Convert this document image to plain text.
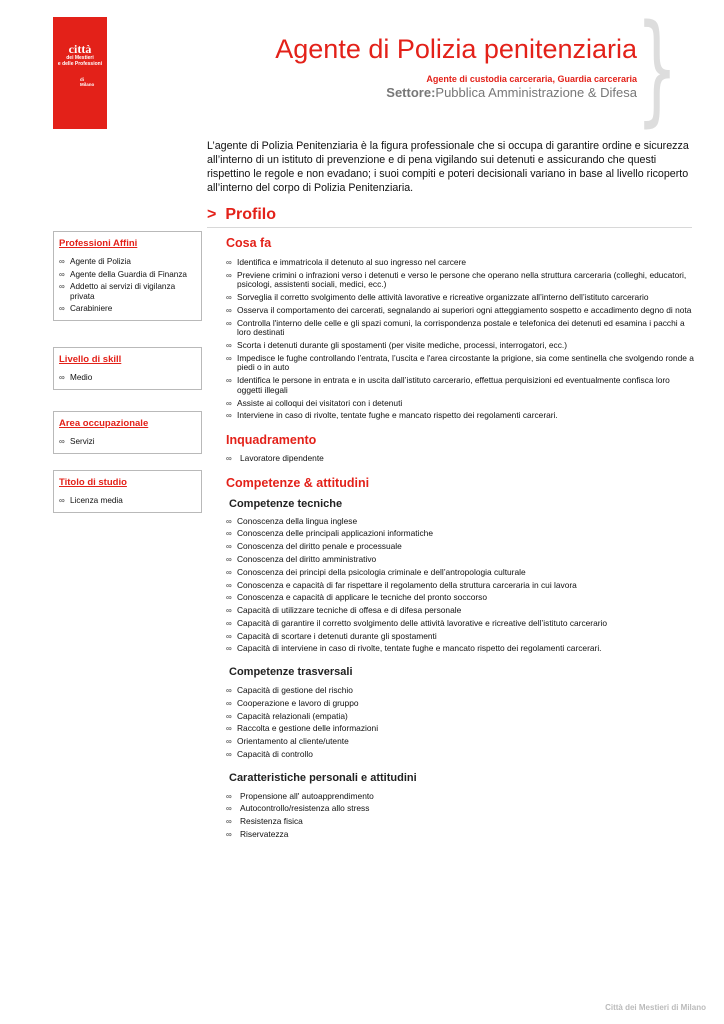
città
dei Mestieri
e delle Professioni
di
Milano	}
Agente di Polizia penitenziaria
Agente di custodia carceraria, Guardia carceraria
Settore:Pubblica Amministrazione & Difesa
L’agente di Polizia Penitenziaria è la figura professionale che si occupa di garantire ordine e sicurezza all’interno di un istituto di prevenzione e di pena vigilando sui detenuti e assicurando che questi rispettino le regole e non evadano; i suoi compiti e poteri decisionali variano in base al livello ricoperto all’interno del corpo di Polizia Penitenziaria.
> Profilo
Professioni Affini
∞ Agente di Polizia
∞ Agente della Guardia di Finanza
∞ Addetto ai servizi di vigilanza privata
∞ Carabiniere
Livello di skill
∞ Medio
Area occupazionale
∞ Servizi
Titolo di studio
∞ Licenza media
Cosa fa
∞ Identifica e immatricola il detenuto al suo ingresso nel carcere
∞ Previene crimini o infrazioni verso i detenuti e verso le persone che operano nella struttura carceraria (colleghi, educatori, psicologi, assistenti sociali, medici, ecc.)
∞ Sorveglia il corretto svolgimento delle attività lavorative e ricreative organizzate all’interno dell’istituto carcerario
∞ Osserva il comportamento dei carcerati, segnalando ai superiori ogni atteggiamento sospetto e accadimento degno di nota
∞ Controlla l'interno delle celle e gli spazi comuni, la corrispondenza postale e telefonica dei detenuti ed esamina i pacchi a loro destinati
∞ Scorta i detenuti durante gli spostamenti (per visite mediche, processi, interrogatori, ecc.)
∞ Impedisce le fughe controllando l’entrata, l’uscita e l'area circostante la prigione, sia come sentinella che svolgendo ronde a piedi o in auto
∞ Identifica le persone in entrata e in uscita dall’istituto carcerario, effettua perquisizioni ed eventualmente confisca loro oggetti illegali
∞ Assiste ai colloqui dei visitatori con i detenuti
∞ Interviene in caso di rivolte, tentate fughe e mancato rispetto dei regolamenti carcerari.
Inquadramento
∞ Lavoratore dipendente
Competenze & attitudini
Competenze tecniche
∞ Conoscenza della lingua inglese
∞ Conoscenza delle principali applicazioni informatiche
∞ Conoscenza del diritto penale e processuale
∞ Conoscenza del diritto amministrativo
∞ Conoscenza dei principi della psicologia criminale e dell’antropologia culturale
∞ Conoscenza e capacità di far rispettare il regolamento della struttura carceraria in cui lavora
∞ Conoscenza e capacità di applicare le tecniche del pronto soccorso
∞ Capacità di utilizzare tecniche di offesa e di difesa personale
∞ Capacità di garantire il corretto svolgimento delle attività lavorative e ricreative dell’istituto carcerario
∞ Capacità di scortare i detenuti durante gli spostamenti
∞ Capacità di interviene in caso di rivolte, tentate fughe e mancato rispetto dei regolamenti carcerari.
Competenze trasversali
∞ Capacità di gestione del rischio
∞ Cooperazione e lavoro di gruppo
∞ Capacità relazionali (empatia)
∞ Raccolta e gestione delle informazioni
∞ Orientamento al cliente/utente
∞ Capacità di controllo
Caratteristiche personali e attitudini
∞ Propensione all' autoapprendimento
∞ Autocontrollo/resistenza allo stress
∞ Resistenza fisica
∞ Riservatezza
Città dei Mestieri di Milano
